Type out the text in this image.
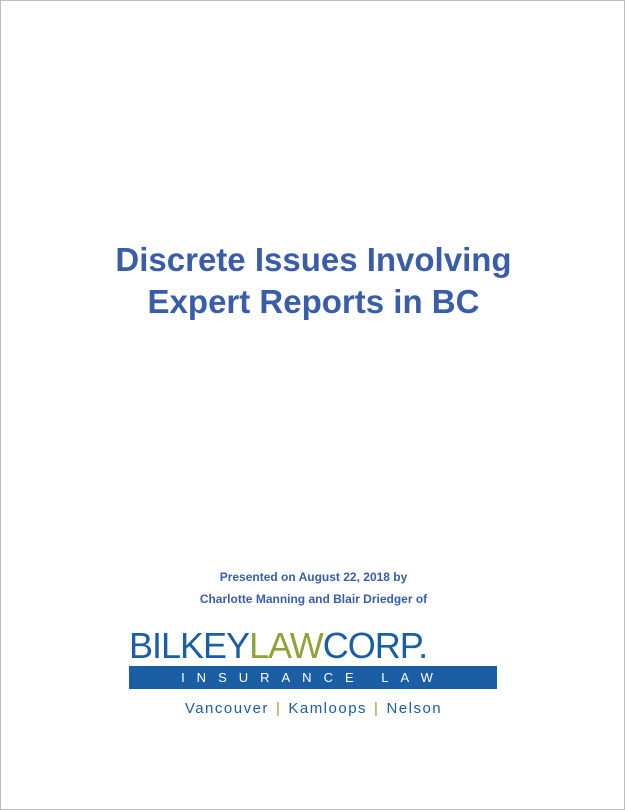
Discrete Issues Involving
Expert Reports in BC
Presented on August 22, 2018 by
Charlotte Manning and Blair Driedger of
BILKEYLAWCORP.
INSURANCE LAW
Vancouver | Kamloops | Nelson
